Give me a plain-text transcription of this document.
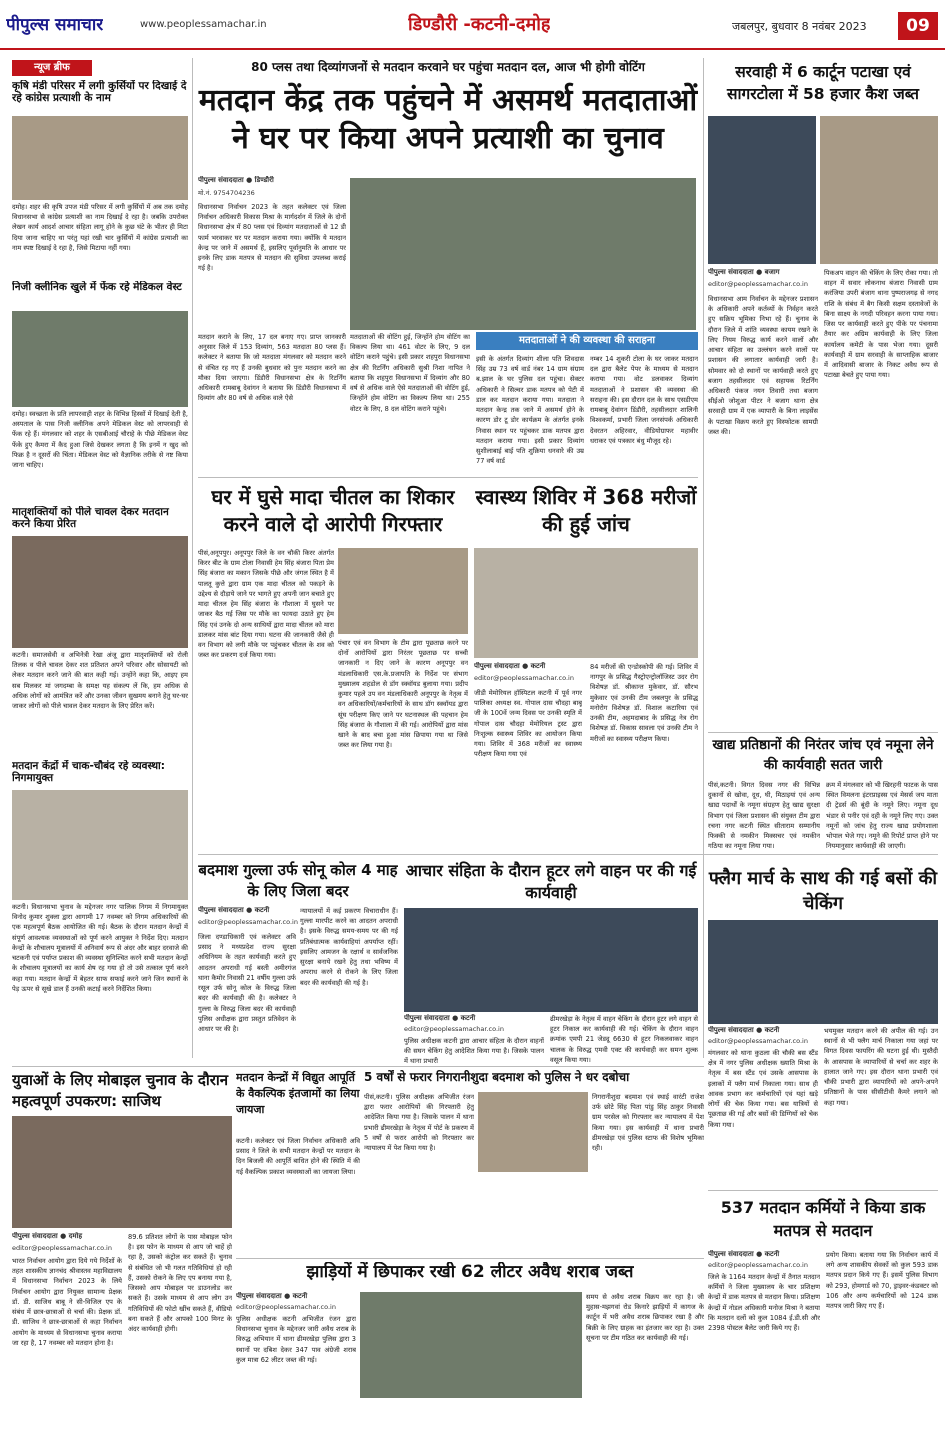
पीपुल्स समाचार	www.peoplessamachar.in	डिण्डौरी -कटनी-दमोह	जबलपुर, बुधवार 8 नवंबर 2023	09
न्यूज ब्रीफ
कृषि मंडी परिसर में लगी कुर्सियों पर दिखाई दे रहे कांग्रेस प्रत्याशी के नाम
दमोह। शहर की कृषि उपज मंडी परिसर में लगी कुर्सियों में अब तक दमोह विधानसभा से कांग्रेस प्रत्याशी का नाम दिखाई दे रहा है। जबकि उपरोक्त लेखन कार्य आदर्श आचार संहिता लागू होने के कुछ घंटे के भीतर ही मिटा दिया जाना चाहिए था परंतु यहां रखी चार कुर्सियों में कांग्रेस प्रत्याशी का नाम स्पष्ट दिखाई दे रहा है, जिसे मिटाया नहीं गया।
निजी क्लीनिक खुले में फेंक रहे मेडिकल वेस्ट
दमोह। स्वच्छता के प्रति लापरवाही शहर के विभिन्न हिस्सों में दिखाई देती है, अस्पताल के पास निजी क्लीनिक अपने मेडिकल वेस्ट को लापरवाही से फेंक रहे हैं। मंगलवार को शहर के एसबीआई चौराहे के पीछे मेडिकल वेस्ट फेंके हुए कैमरा में कैद हुआ जिसे देखकर लगता है कि इनमें न खुद को फिक्र है न दूसरों की चिंता। मेडिकल वेस्ट को वैज्ञानिक तरीके से नष्ट किया जाना चाहिए।
मातृशक्तियों को पीले चावल देकर मतदान करने किया प्रेरित
कटनी। समाजसेवी व अभिनेत्री रेखा अंजू द्वारा मातृशक्तियों को रोली तिलक व पीले चावल देकर शत प्रतिशत अपने परिवार और सोसायटी को लेकर मतदान करने जाने की बात कही गई। उन्होंने कहा कि, आइए हम सब मिलकर मां जगदम्बा के समक्ष यह संकल्प लें कि, हम अधिक से अधिक लोगों को आमंत्रित करें और उनका जीवन सुखमय बनाने हेतु घर-घर जाकर लोगों को पीले चावल देकर मतदान के लिए प्रेरित करें।
मतदान केंद्रों में चाक-चौबंद रहे व्यवस्था: निगमायुक्त
कटनी। विधानसभा चुनाव के मद्देनजर नगर पालिक निगम में निगमायुक्त विनोद कुमार शुक्ला द्वारा आगामी 17 नवम्बर को निगम अधिकारियों की एक महत्वपूर्ण बैठक आयोजित की गई। बैठक के दौरान मतदान केन्द्रों में संपूर्ण आवश्यक व्यवस्थाओं को पूर्ण करने आयुक्त ने निर्देश दिए। मतदान केन्द्रों के शौचालय मूत्रालयों में अनिवार्य रूप से अंदर और बाहर दरवाजे की चटकनी एवं पर्याप्त प्रकाश की व्यवस्था सुनिश्चित करने सभी मतदान केन्द्रों के शौचालय मूत्रालयों का कार्य शेष रह गया हो तो उसे तत्काल पूर्ण करने कहा गया। मतदान केन्द्रों में बेहतर साफ सफाई करने जाने जिन स्थानों के पेड़ ऊपर से सूखे डाल हैं उनकी कटाई करने निर्देशित किया।
80 प्लस तथा दिव्यांगजनों से मतदान करवाने घर पहुंचा मतदान दल, आज भी होगी वोटिंग
मतदान केंद्र तक पहुंचने में असमर्थ मतदाताओं ने घर पर किया अपने प्रत्याशी का चुनाव
पीपुल्स संवाददाता ● डिण्डौरी
मो.नं. 9754704236
विधानसभा निर्वाचन 2023 के तहत कलेक्टर एवं जिला निर्वाचन अधिकारी विकास मिश्रा के मार्गदर्शन में जिले के दोनों विधानसभा क्षेत्र में 80 प्लस एवं दिव्यांग मतदाताओं से 12 डी फार्म भरवाकर घर पर मतदान कराया गया। क्योंकि ये मतदान केन्द्र पर जाने में असमर्थ हैं, इसलिए पूर्वानुमति के आधार पर इनके लिए डाक मतपत्र से मतदान की सुविधा उपलब्ध कराई गई है।
मतदान कराने के लिए, 17 दल बनाए गए। प्राप्त जानकारी अनुसार जिले में 153 दिव्यांग, 563 मतदाता 80 प्लस हैं। कलेक्टर ने बताया कि जो मतदाता मंगलवार को मतदान करने से वंचित रह गए हैं उनकी बुधवार को पुनः मतदान करने का मौका दिया जाएगा। डिंडौरी विधानसभा क्षेत्र के रिटर्निंग अधिकारी रामबाबू देवांगन ने बताया कि डिंडौरी विधानसभा में दिव्यांग और 80 वर्ष से अधिक वाले ऐसे
मतदाताओं की वोटिंग हुई, जिन्होंने होम वोटिंग का विकल्प लिया था। 461 वोटर के लिए, 9 दल वोटिंग कराने पहुंचे। इसी प्रकार शहपुरा विधानसभा क्षेत्र की रिटर्निंग अधिकारी सुश्री निशा नापित ने बताया कि शहपुरा विधानसभा में दिव्यांग और 80 वर्ष से अधिक वाले ऐसे मतदाताओं की वोटिंग हुई, जिन्होंने होम वोटिंग का विकल्प लिया था। 255 वोटर के लिए, 8 दल वोटिंग कराने पहुंचे।
मतदाताओं ने की व्यवस्था की सराहना
इसी के अंतर्गत दिव्यांग शीला पति शिवदास सिंह उम्र 73 वर्ष वार्ड नंबर 14 ग्राम संग्राम ब.झाल के घर पुलिस दल पहुंचा। सेक्टर अधिकारी ने सिल्वर डाक मतपत्र को पेटी में डाल कर मतदान कराया गया। मतदाता ने मतदान केन्द्र तक जाने में असमर्थ होने के कारण डोर टू डोर कार्यक्रम के अंतर्गत इनके निवास स्थान पर पहुंचकर डाक मतपत्र द्वारा मतदान कराया गया। इसी प्रकार दिव्यांग सुशीलाबाई बाई पति शुक्रिया धनवारे की उम्र 77 वर्ष वार्ड
नम्बर 14 शुकरी टोला के घर जाकर मतदान दल द्वारा बैलेट पेपर के माध्यम से मतदान कराया गया। वोट डलवाकर दिव्यांग मतदाताओं ने प्रशासन की व्यवस्था की सराहना की। इस दौरान दल के साथ एसडीएम रामबाबू देवांगन डिंडौरी, तहसीलदार शालिनी विश्वकर्मा, प्रभारी जिला जनसंपर्क अधिकारी देवरतन अहिरवार, वीडियोग्राफर महावीर धराकर एवं पत्रकार बंधु मौजूद रहे।
घर में घुसे मादा चीतल का शिकार करने वाले दो आरोपी गिरफ्तार
पीसं,अनूपपुर। अनूपपुर जिले के वन चौकी किरर अंतर्गत किरर बीट के ग्राम टोला निवासी हेम सिंह बंजारा पिता प्रेम सिंह बंजारा का मकान जिसके पीछे और जंगल स्थित है में पालतू कुत्ते द्वारा ग्राम एक मादा चीतल को पकड़ने के उद्देश्य से दौड़ाये जाने पर भागते हुए अपनी जान बचाते हुए मादा चीतल हेम सिंह बंजारा के गौशाला में घुसने पर जाकर बैठ गई जिस पर मौके का फायदा उठाते हुए हेम सिंह एवं उनके दो अन्य साथियों द्वारा मादा चीतल को मारा डालकर मांस बांट दिया गया। घटना की जानकारी जैसे ही वन विभाग को लगी मौके पर पहुंचकर चीतल के शव को जब्त कर प्रकरण दर्ज किया गया।
पंचार एवं वन विभाग के टीम द्वारा पूछताछ करने पर दोनों आरोपियों द्वारा निरंतर पूछताछ पर सच्ची जानकारी न दिए जाने के कारण अनूपपुर वन मंडलाधिकारी एस.के.प्रजापति के निर्देश पर संभाग मुख्यालय शहडोल से डॉग स्क्वॉयड बुलाया गया। प्रदीप कुमार पहले उप वन मंडलाधिकारी अनूपपुर के नेतृत्व में वन अधिकारियों/कर्मचारियों के साथ डॉग स्क्वॉयड द्वारा सूंघ परीक्षण किए जाने पर घटनास्थल की पहचान हेम सिंह बंजारा के गौशाला में की गई। आरोपियों द्वारा मांस खाने के बाद बचा हुआ मांस छिपाया गया था जिसे जब्त कर लिया गया है।
स्वास्थ्य शिविर में 368 मरीजों की हुई जांच
पीपुल्स संवाददाता ● कटनी
editor@peoplessamachar.co.in
जीडी मेमोरियल हॉस्पिटल कटनी में पूर्व नगर पालिका अध्यक्ष स्व. गोपाल दास चौदहा बाबू जी के 100वें जन्म दिवस पर उनकी स्मृति में गोपाल दास चौदहा मेमोरियल ट्रस्ट द्वारा निःशुल्क स्वास्थ्य शिविर का आयोजन किया गया। शिविर में 368 मरीजों का स्वास्थ्य परीक्षण किया गया एवं
84 मरीजों की एन्डोस्कोपी की गई। शिविर में नागपुर के प्रसिद्ध गैस्ट्रोएन्ट्रोलॉजिस्ट उदर रोग विशेषज्ञ डॉ. श्रीकान्त मुकेवार, डॉ. सौरभ मुकेवार एवं उनकी टीम जबलपुर के प्रसिद्ध मनोरोग विशेषज्ञ डॉ. विशाल कटारिया एवं उनकी टीम, अहमदाबाद के प्रसिद्ध नेत्र रोग विशेषज्ञ डॉ. विकास सावला एवं उनकी टीम ने मरीजों का स्वास्थ्य परीक्षण किया।
सरवाही में 6 कार्टून पटाखा एवं सागरटोला में 58 हजार कैश जब्त
पीपुल्स संवाददाता ● बजाग
editor@peoplessamachar.co.in
विधानसभा आम निर्वाचन के मद्देनजर प्रशासन के अधिकारी अपने कर्तव्यों के निर्वहन करते हुए सक्रिय भूमिका निभा रहे हैं। चुनाव के दौरान जिले में शांति व्यवस्था कायम रखने के लिए नियम विरुद्ध कार्य करने वालों और आचार संहिता का उल्लंघन करने वालों पर प्रशासन की लगातार कार्यवाही जारी है। सोमवार को दो स्थानों पर कार्यवाही करते हुए बजाग तहसीलदार एवं सहायक रिटर्निंग अधिकारी पंकज नयन तिवारी तथा बजाग सीईओ जोशुआ पीटर ने बजाग थाना क्षेत्र सरवाही ग्राम में एक व्यापारी के बिना लाइसेंस के पटाखा विक्रय करते हुए विस्फोटक सामग्री जब्त की।
पिकअप वाहन की चेकिंग के लिए रोका गया। तो वाहन में सवार लोकनाथ बंजारा निवासी ग्राम करंजिया उपरी बंजाग थाना पुष्पराजगढ़ से नगद राशि के संबंध में बैग किसी सक्षम दस्तावेजों के बिना साक्ष्य के नगदी परिवहन करना पाया गया। जिस पर कार्यवाही करते हुए पीके पर पंचनामा तैयार कर अग्रिम कार्यवाही के लिए जिला कार्यालय कमेटी के पास भेजा गया। दूसरी कार्यवाही में ग्राम सरवाही के साप्ताहिक बाजार में आदिवासी बाजार के निकट अवैध रूप से पटाखा बेचते हुए पाया गया।
खाद्य प्रतिष्ठानों की निरंतर जांच एवं नमूना लेने की कार्यवाही सतत जारी
पीसं,कटनी। विगत दिवस नगर की विभिन्न दुकानों से खोवा, दूध, घी, मिठाइयां एवं अन्य खाद्य पदार्थों के नमूना संग्रहण हेतु खाद्य सुरक्षा विभाग एवं जिला प्रशासन की संयुक्त टीम द्वारा रचना नगर कटनी स्थित सीताराम सम्मानीय फिक्की से नमकीन मिक्सचर एवं नमकीन गठिया का नमूना लिया गया।
क्रम में मंगलवार को भी खिरहनी फाटक के पास स्थित विमलना इंटरप्राइस्स एवं मेसर्स जय माता दी ट्रेडर्स की बूंदी के नमूने लिए। नमूना दूध भंडार से पनीर एवं दही के नमूने लिए गए। उक्त नमूनों को जांच हेतु राज्य खाद्य प्रयोगशाला भोपाल भेजे गए। नमूने की रिपोर्ट प्राप्त होने पर नियमानुसार कार्यवाही की जाएगी।
बदमाश गुल्ला उर्फ सोनू कोल 4 माह के लिए जिला बदर
पीपुल्स संवाददाता ● कटनी
editor@peoplessamachar.co.in
जिला दण्डाधिकारी एवं कलेक्टर अवि प्रसाद ने मध्यप्रदेश राज्य सुरक्षा अधिनियम के तहत कार्यवाही करते हुए आदतन अपराधी गई बस्ती अमीरगंज थाना कैमोर निवासी 21 वर्षीय गुल्ला उर्फ रसूल उर्फ सोनू कोल के विरुद्ध जिला बदर की कार्यवाही की है। कलेक्टर ने गुल्ला के विरुद्ध जिला बदर की कार्यवाही पुलिस अधीक्षक द्वारा प्रस्तुत प्रतिवेदन के आधार पर की है।
न्यायालयों में कई प्रकरण विचाराधीन हैं। गुल्ला मारपीट करने का आदतन अपराधी है। इसके विरुद्ध समय-समय पर की गई प्रतिबंधात्मक कार्यवाहियां अपर्याप्त रहीं। इसलिए आमजन के रक्षार्थ व सार्वजनिक सुरक्षा बनाये रखने हेतु तथा भविष्य में अपराध करने से रोकने के लिए जिला बदर की कार्यवाही की गई है।
आचार संहिता के दौरान हूटर लगे वाहन पर की गई कार्यवाही
पीपुल्स संवाददाता ● कटनी
editor@peoplessamachar.co.in
पुलिस अधीक्षक कटनी द्वारा आचार संहिता के दौरान वाहनों की सघन चेकिंग हेतु आदेशित किया गया है। जिसके पालन में थाना प्रभारी
ढीमरखेड़ा के नेतृत्व में वाहन चेकिंग के दौरान हूटर लगे वाहन से हूटर निकाल कर कार्यवाही की गई। चेकिंग के दौरान वाहन क्रमांक एमपी 21 जेड्यू 6630 से हूटर निकलवाकर वाहन चालक के विरुद्ध एमवी एक्ट की कार्यवाही कर समन शुल्क वसूल किया गया।
फ्लैग मार्च के साथ की गई बसों की चेकिंग
पीपुल्स संवाददाता ● कटनी
editor@peoplessamachar.co.in
मंगलवार को थाना कुठला की चौकी बस स्टैंड क्षेत्र में नगर पुलिस अधीक्षक ख्याति मिश्रा के नेतृत्व में बस स्टैंड एवं उसके आसपास के इलाकों में फ्लैग मार्च निकाला गया। साथ ही आवक प्रभाग कर कर्मचारियों एवं यहां खड़े लोगों की चेक किया गया। बस यात्रियों से पूछताछ की गई और बसों की डिग्गियों को चेक किया गया।
भयमुक्त मतदान करने की अपील की गई। उन स्थानों से भी फ्लैग मार्च निकाला गया जहां पर विगत दिवस फायरिंग की घटना हुई थी। मुस्तैदी के आसपास के व्यापारियों से चर्चा कर शहर के हालात जाने गए। इस दौरान थाना प्रभारी एवं चौकी प्रभारी द्वारा व्यापारियों को अपने-अपने प्रतिष्ठानों के पास सीसीटीवी कैमरे लगाने को कहा गया।
युवाओं के लिए मोबाइल चुनाव के दौरान महत्वपूर्ण उपकरण: साजिथ
पीपुल्स संवाददाता ● दमोह
editor@peoplessamachar.co.in
भारत निर्वाचन आयोग द्वारा दिये गये निर्देशों के तहत शासकीय ज्ञानचंद श्रीवास्तव महाविद्यालय में विधानसभा निर्वाचन 2023 के लिये निर्वाचन आयोग द्वारा नियुक्त सामान्य प्रेक्षक डॉ. डी. साजिथ बाबू ने सी-विजिल एप के संबंध में छात्र-छात्राओं से चर्चा की। प्रेक्षक डॉ. डी. साजिथ ने छात्र-छात्राओं से कहा निर्वाचन आयोग के माध्यम से विधानसभा चुनाव कराया जा रहा है, 17 नवम्बर को मतदान होना है।
89.6 प्रतिशत लोगों के पास मोबाइल फोन है। इस फोन के माध्यम से आप जो चाहें हो रहा है, उसको कंट्रोल कर सकते हैं। चुनाव से संबंधित जो भी गलत गतिविधियां हो रही हैं, उसको रोकने के लिए एप बनाया गया है, जिसको आप मोबाइल पर डाउनलोड कर सकते हैं। उसके माध्यम से आप लोग उन गतिविधियों की फोटो खींच सकते हैं, वीडियो बना सकते हैं और आपको 100 मिनट के अंदर कार्यवाही होगी।
मतदान केन्द्रों में विद्युत आपूर्ति के वैकल्पिक इंतजामों का लिया जायजा
कटनी। कलेक्टर एवं जिला निर्वाचन अधिकारी अवि प्रसाद ने जिले के सभी मतदान केन्द्रों पर मतदान के दिन बिजली की आपूर्ति बाधित होने की स्थिति में की गई वैकल्पिक प्रकाश व्यवस्थाओं का जायजा लिया।
5 वर्षों से फरार निगरानीशुदा बदमाश को पुलिस ने धर दबोचा
पीसं,कटनी। पुलिस अधीक्षक अभिजीत रंजन द्वारा फरार आरोपियों की गिरफ्तारी हेतु आदेशित किया गया है। जिसके पालन में थाना प्रभारी ढीमरखेड़ा के नेतृत्व में पोर्ट के प्रकरण में 5 वर्षों से फरार आरोपी को गिरफ्तार कर न्यायालय में पेश किया गया है।
निगरानीशुदा बदमाश एवं स्थाई वारंटी राजेश उर्फ छोटे सिंह पिता पांडु सिंह ठाकुर निवासी ग्राम परसेल को गिरफ्तार कर न्यायालय में पेश किया गया। इस कार्यवाही में थाना प्रभारी ढीमरखेड़ा एवं पुलिस स्टाफ की विशेष भूमिका रही।
झाड़ियों में छिपाकर रखी 62 लीटर अवैध शराब जब्त
पीपुल्स संवाददाता ● कटनी
editor@peoplessamachar.co.in
पुलिस अधीक्षक कटनी अभिजीत रंजन द्वारा विधानसभा चुनाव के मद्देनजर जारी अवैध शराब के विरुद्ध अभियान में थाना ढीमरखेड़ा पुलिस द्वारा 3 स्थानों पर दबिश देकर 347 पाव अंग्रेजी शराब कुल मात्रा 62 लीटर जब्त की गई।
समय से अवैध शराब विक्रय कर रहा है। जी मुहास-मझगवां रोड किनारे झाड़ियों में कागज के कार्टून में भरी अवैध शराब छिपाकर रखा है और बिक्री के लिए ग्राहक का इंतजार कर रहा है। उक्त सूचना पर टीम गठित कर कार्यवाही की गई।
537 मतदान कर्मियों ने किया डाक मतपत्र से मतदान
पीपुल्स संवाददाता ● कटनी
editor@peoplessamachar.co.in
जिले के 1164 मतदान केन्द्रों में तैनात मतदान कर्मियों ने जिला मुख्यालय के चार प्रशिक्षण केन्द्रों में डाक मतपत्र से मतदान किया। प्रशिक्षण केन्द्रों में नोडल अधिकारी मनोज मिश्रा ने बताया कि मतदान दलों को कुल 1084 ई.डी.सी और 2398 पोस्टल बैलेट जारी किये गए हैं।
प्रयोग किया। बताया गया कि निर्वाचन कार्य में लगे अन्य शासकीय सेवकों को कुल 593 डाक मतपत्र प्रदान किये गए हैं। इसमें पुलिस विभाग को 293, होमगार्ड को 70, ड्राइवर-कंडक्टर को 106 और अन्य कर्मचारियों को 124 डाक मतपत्र जारी किए गए हैं।
